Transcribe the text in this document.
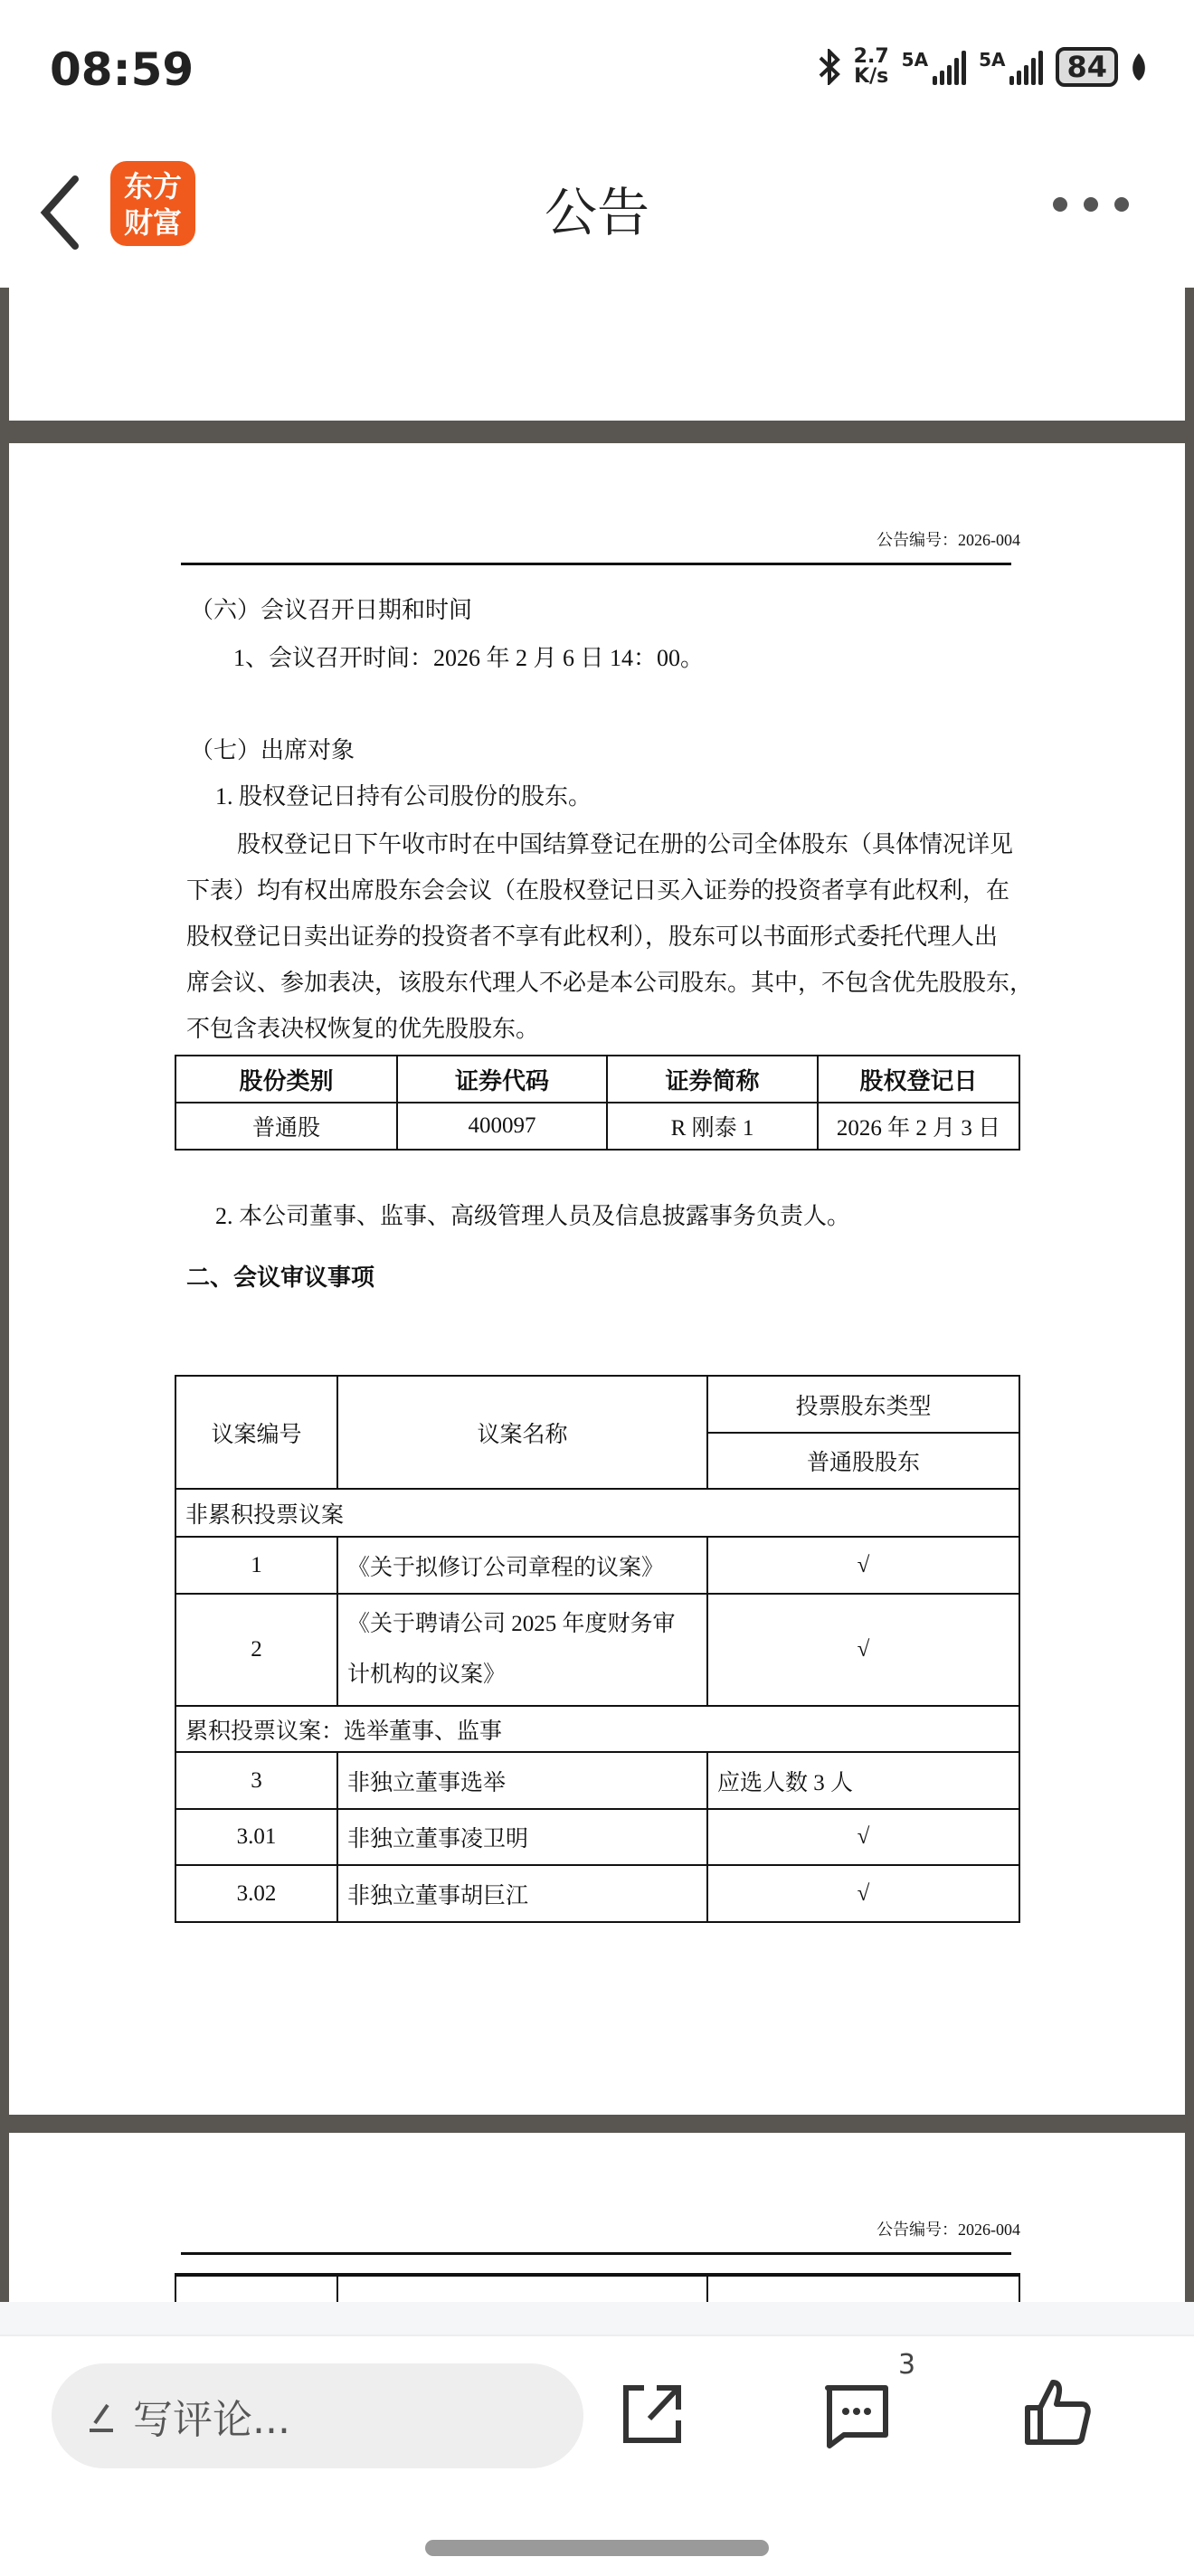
08:59	2.7
K/s
5A	5A	84
东方
财富	公告
公告编号：2026-004
（六）会议召开日期和时间
1、会议召开时间：2026 年 2 月 6 日 14：00。
（七）出席对象
1. 股权登记日持有公司股份的股东。
股权登记日下午收市时在中国结算登记在册的公司全体股东（具体情况详见
下表）均有权出席股东会会议（在股权登记日买入证券的投资者享有此权利，在
股权登记日卖出证券的投资者不享有此权利），股东可以书面形式委托代理人出
席会议、参加表决，该股东代理人不必是本公司股东。其中，不包含优先股股东，
不包含表决权恢复的优先股股东。
股份类别	证券代码	证券简称	股权登记日
普通股	400097	R 刚泰 1	2026 年 2 月 3 日
2. 本公司董事、监事、高级管理人员及信息披露事务负责人。
二、会议审议事项
议案编号	议案名称	投票股东类型
		普通股股东
非累积投票议案		
1	《关于拟修订公司章程的议案》	√
2	《关于聘请公司 2025 年度财务审
计机构的议案》	√
累积投票议案：选举董事、监事		
3	非独立董事选举	应选人数 3 人
3.01	非独立董事凌卫明	√
3.02	非独立董事胡巨江	√
公告编号：2026-004
写评论...
3
